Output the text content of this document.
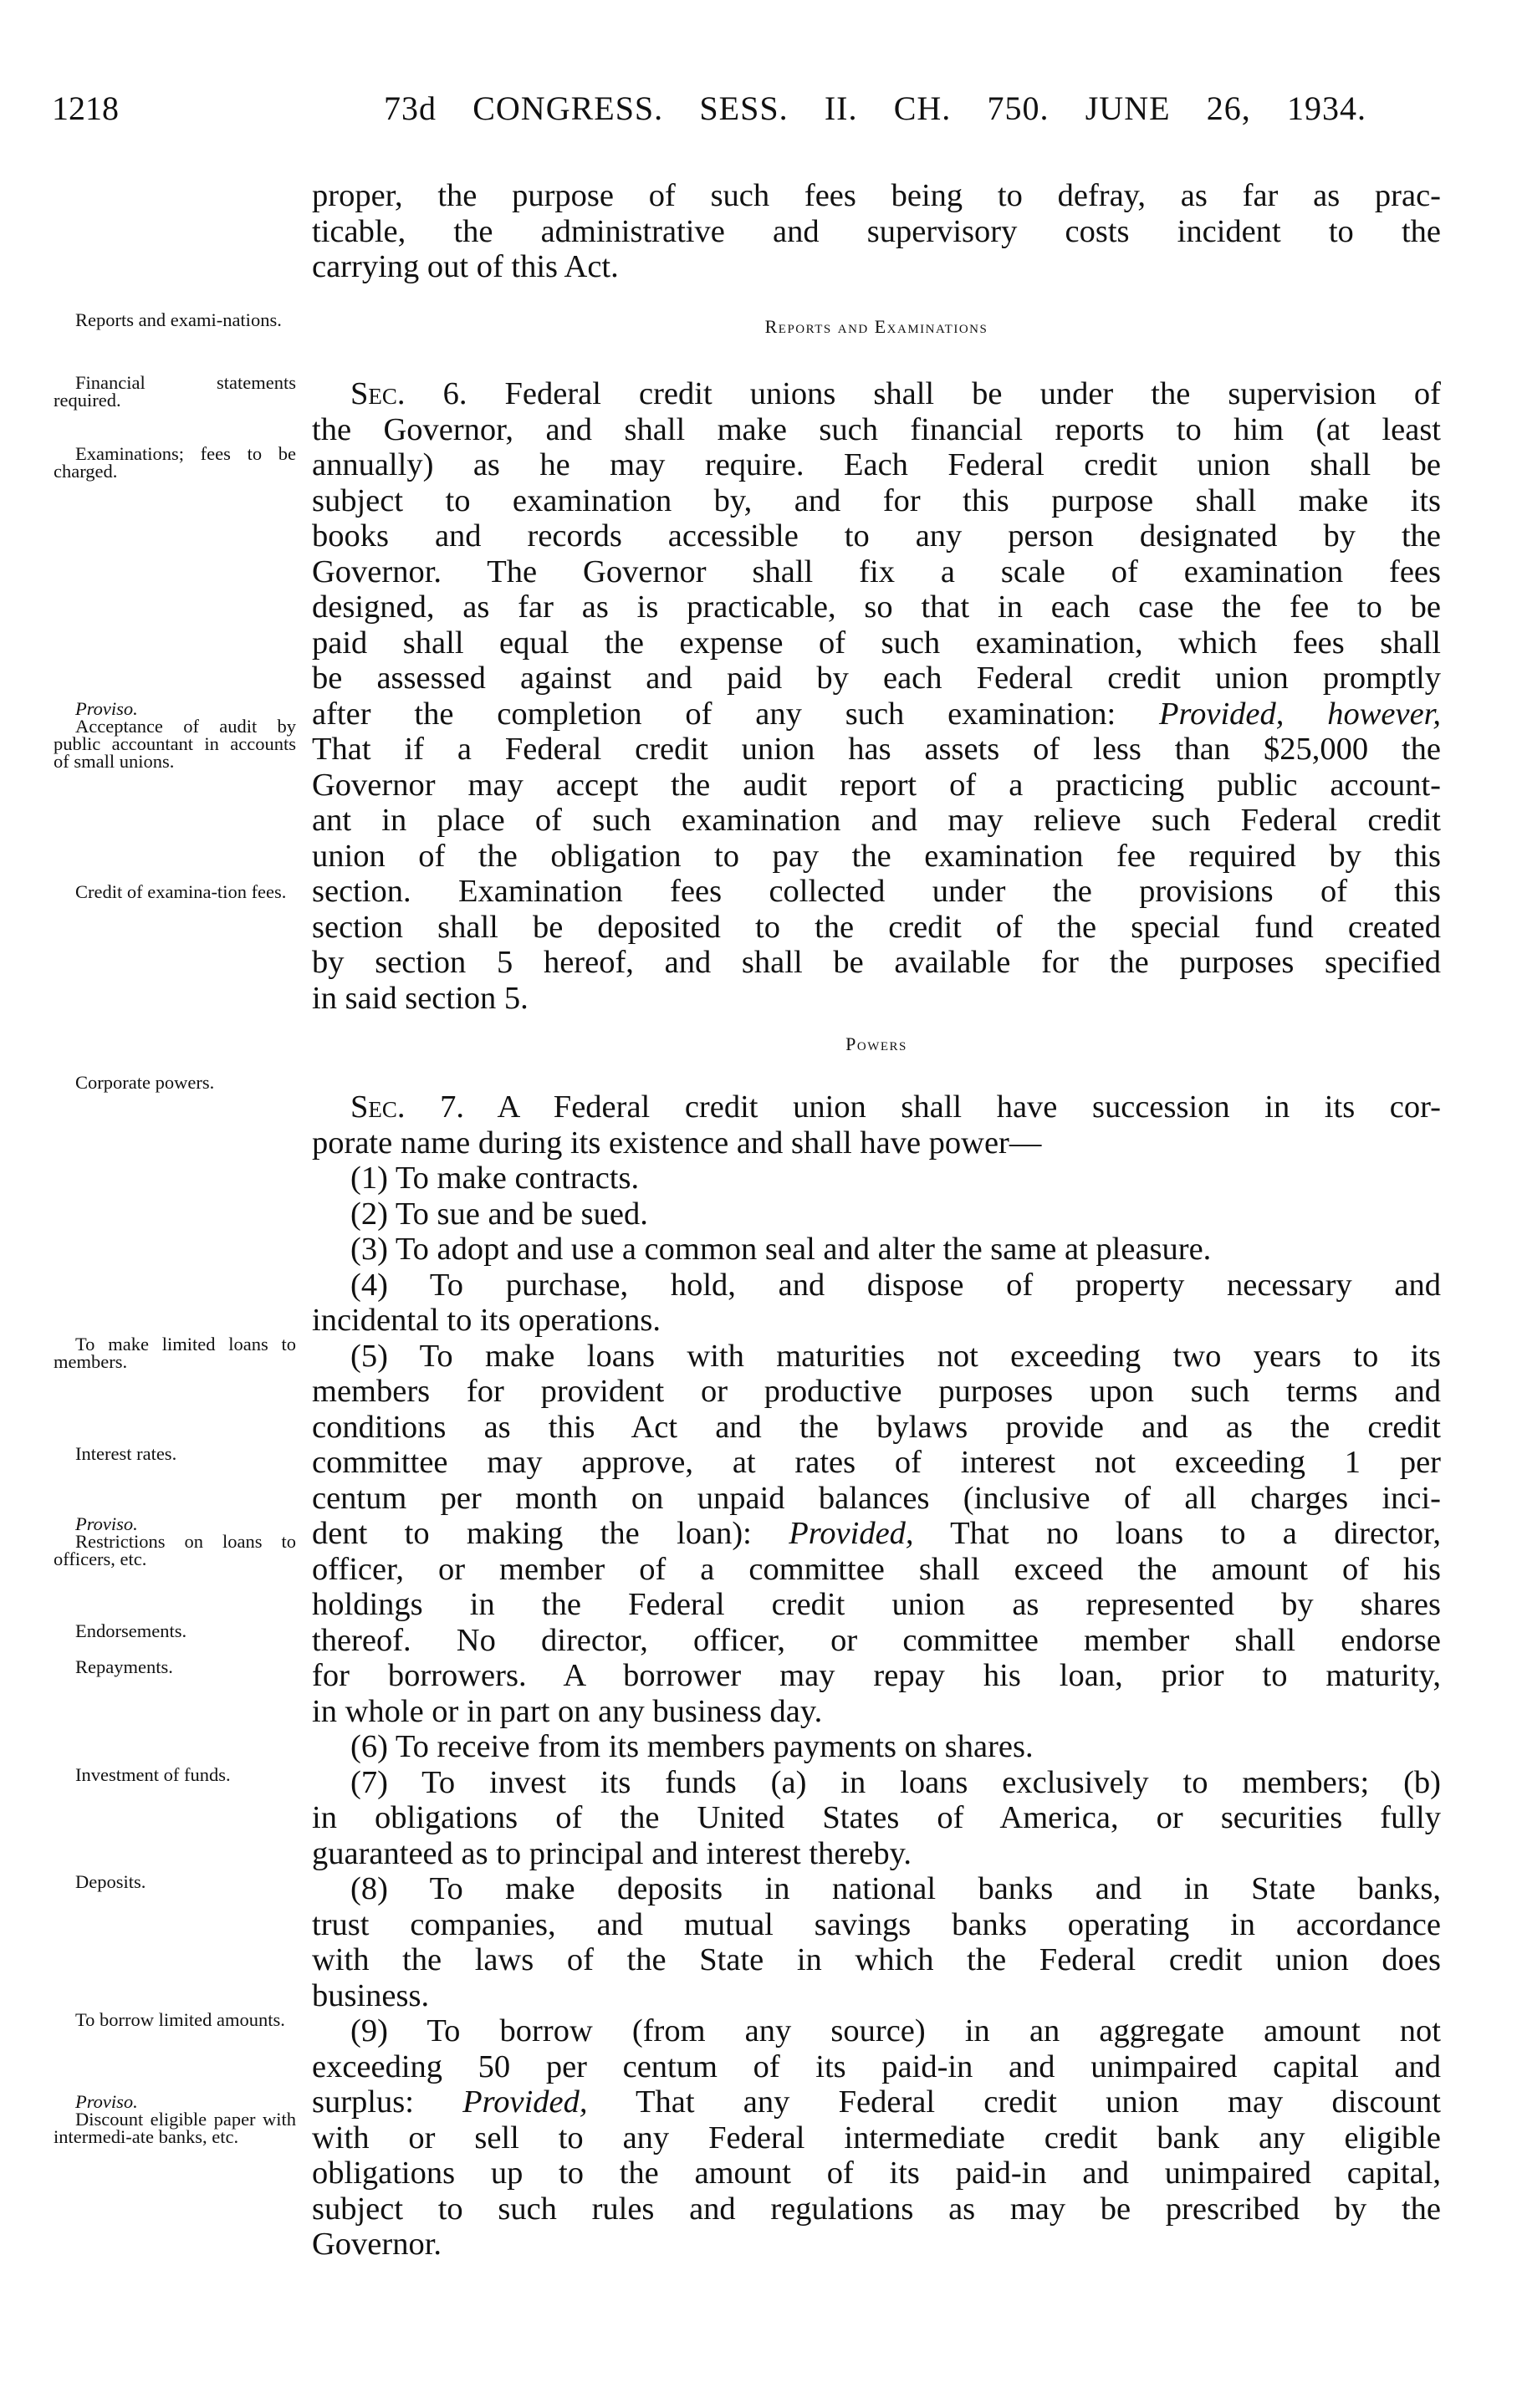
1218	73d CONGRESS. SESS. II. CH. 750. JUNE 26, 1934.
proper, the purpose of such fees being to defray, as far as prac-
ticable, the administrative and supervisory costs incident to the
carrying out of this Act.
Reports and Examinations
Sec. 6. Federal credit unions shall be under the supervision of
the Governor, and shall make such financial reports to him (at least
annually) as he may require. Each Federal credit union shall be
subject to examination by, and for this purpose shall make its
books and records accessible to any person designated by the
Governor. The Governor shall fix a scale of examination fees
designed, as far as is practicable, so that in each case the fee to be
paid shall equal the expense of such examination, which fees shall
be assessed against and paid by each Federal credit union promptly
after the completion of any such examination: Provided, however,
That if a Federal credit union has assets of less than $25,000 the
Governor may accept the audit report of a practicing public account-
ant in place of such examination and may relieve such Federal credit
union of the obligation to pay the examination fee required by this
section. Examination fees collected under the provisions of this
section shall be deposited to the credit of the special fund created
by section 5 hereof, and shall be available for the purposes specified
in said section 5.
Powers
Sec. 7. A Federal credit union shall have succession in its cor-
porate name during its existence and shall have power—
(1) To make contracts.
(2) To sue and be sued.
(3) To adopt and use a common seal and alter the same at pleasure.
(4) To purchase, hold, and dispose of property necessary and
incidental to its operations.
(5) To make loans with maturities not exceeding two years to its
members for provident or productive purposes upon such terms and
conditions as this Act and the bylaws provide and as the credit
committee may approve, at rates of interest not exceeding 1 per
centum per month on unpaid balances (inclusive of all charges inci-
dent to making the loan): Provided, That no loans to a director,
officer, or member of a committee shall exceed the amount of his
holdings in the Federal credit union as represented by shares
thereof. No director, officer, or committee member shall endorse
for borrowers. A borrower may repay his loan, prior to maturity,
in whole or in part on any business day.
(6) To receive from its members payments on shares.
(7) To invest its funds (a) in loans exclusively to members; (b)
in obligations of the United States of America, or securities fully
guaranteed as to principal and interest thereby.
(8) To make deposits in national banks and in State banks,
trust companies, and mutual savings banks operating in accordance
with the laws of the State in which the Federal credit union does
business.
(9) To borrow (from any source) in an aggregate amount not
exceeding 50 per centum of its paid-in and unimpaired capital and
surplus: Provided, That any Federal credit union may discount
with or sell to any Federal intermediate credit bank any eligible
obligations up to the amount of its paid-in and unimpaired capital,
subject to such rules and regulations as may be prescribed by the
Governor.
Reports and exami-nations.
Financial statements required.
Examinations; fees to be charged.
Proviso.
Acceptance of audit by public accountant in accounts of small unions.
Credit of examina-tion fees.
Corporate powers.
To make limited loans to members.
Interest rates.
Proviso.
Restrictions on loans to officers, etc.
Endorsements.
Repayments.
Investment of funds.
Deposits.
To borrow limited amounts.
Proviso.
Discount eligible paper with intermedi-ate banks, etc.
